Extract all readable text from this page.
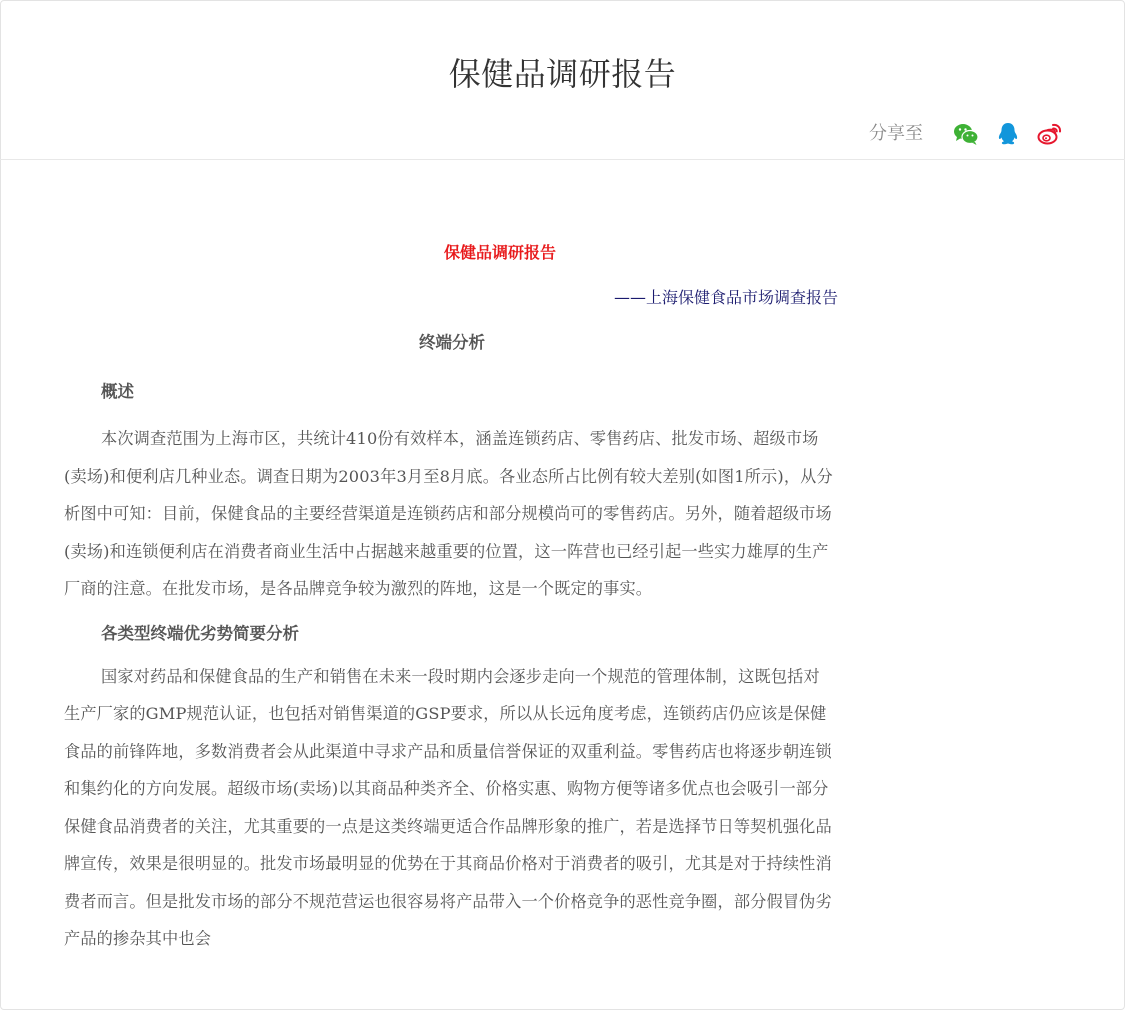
保健品调研报告
分享至
保健品调研报告
——上海保健食品市场调查报告
终端分析
概述

本次调查范围为上海市区，共统计410份有效样本，涵盖连锁药店、零售药店、批发市场、超级市场(卖场)和便利店几种业态。调查日期为2003年3月至8月底。各业态所占比例有较大差别(如图1所示)，从分析图中可知：目前，保健食品的主要经营渠道是连锁药店和部分规模尚可的零售药店。另外，随着超级市场(卖场)和连锁便利店在消费者商业生活中占据越来越重要的位置，这一阵营也已经引起一些实力雄厚的生产厂商的注意。在批发市场，是各品牌竞争较为激烈的阵地，这是一个既定的事实。

各类型终端优劣势简要分析

国家对药品和保健食品的生产和销售在未来一段时期内会逐步走向一个规范的管理体制，这既包括对生产厂家的GMP规范认证，也包括对销售渠道的GSP要求，所以从长远角度考虑，连锁药店仍应该是保健食品的前锋阵地，多数消费者会从此渠道中寻求产品和质量信誉保证的双重利益。零售药店也将逐步朝连锁和集约化的方向发展。超级市场(卖场)以其商品种类齐全、价格实惠、购物方便等诸多优点也会吸引一部分保健食品消费者的关注，尤其重要的一点是这类终端更适合作品牌形象的推广，若是选择节日等契机强化品牌宣传，效果是很明显的。批发市场最明显的优势在于其商品价格对于消费者的吸引，尤其是对于持续性消费者而言。但是批发市场的部分不规范营运也很容易将产品带入一个价格竞争的恶性竞争圈，部分假冒伪劣产品的掺杂其中也会
